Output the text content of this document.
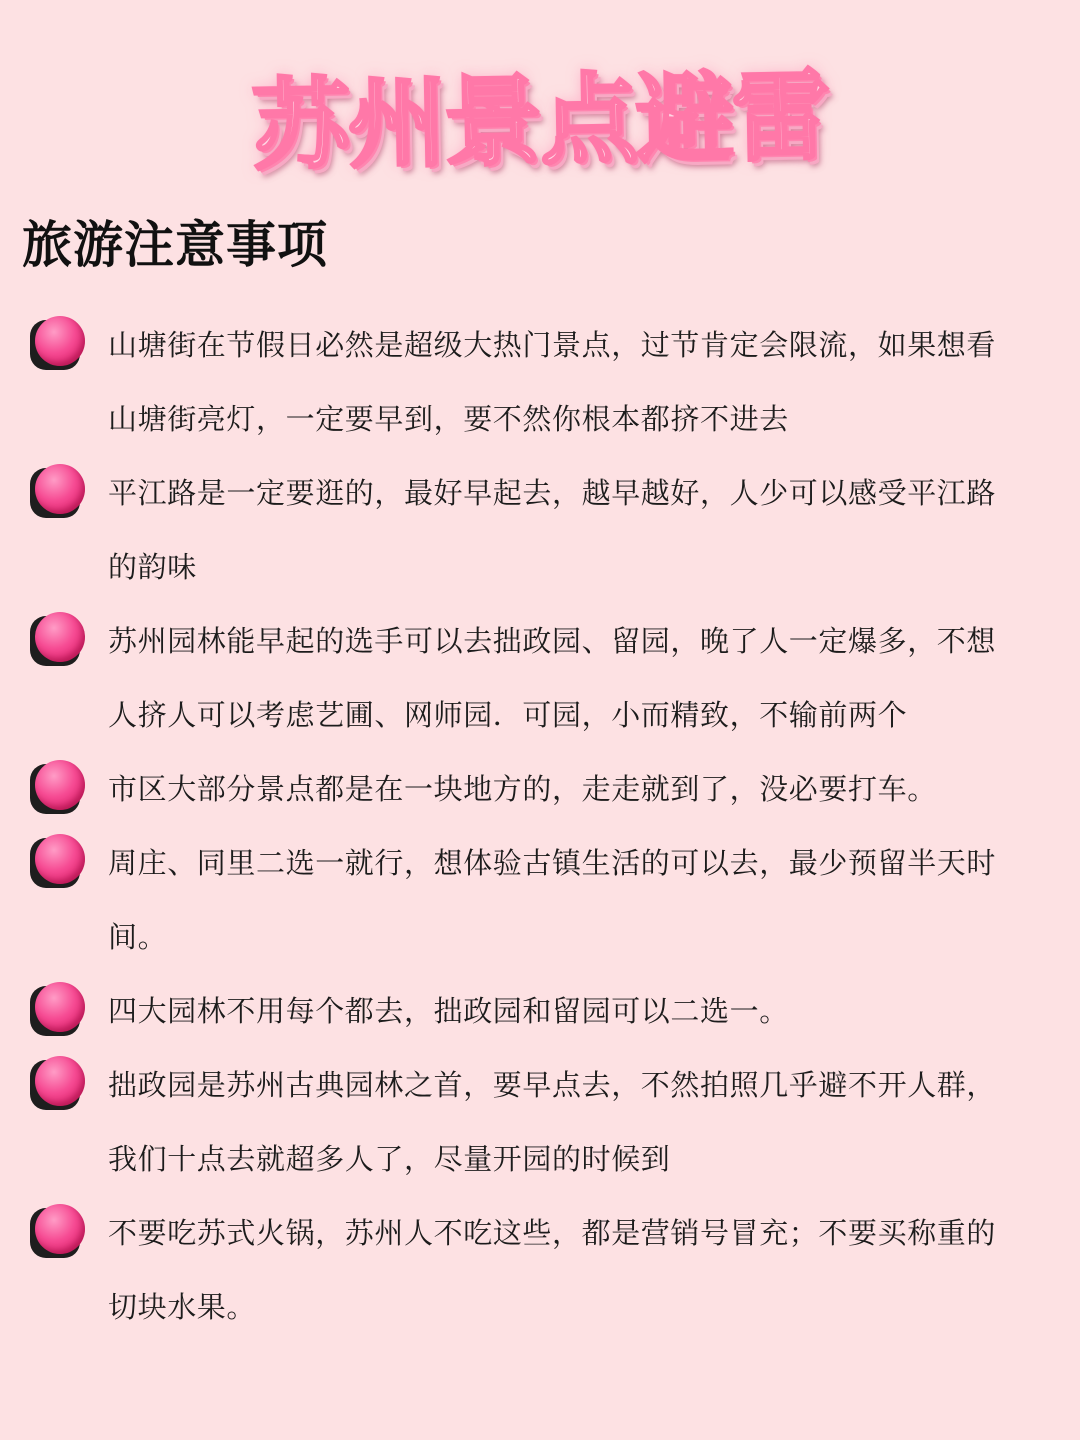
苏州景点避雷
旅游注意事项
山塘街在节假日必然是超级大热门景点，过节肯定会限流，如果想看山塘街亮灯，一定要早到，要不然你根本都挤不进去
平江路是一定要逛的，最好早起去，越早越好，人少可以感受平江路的韵味
苏州园林能早起的选手可以去拙政园、留园，晚了人一定爆多，不想人挤人可以考虑艺圃、网师园．可园，小而精致，不输前两个
市区大部分景点都是在一块地方的，走走就到了，没必要打车。
周庄、同里二选一就行，想体验古镇生活的可以去，最少预留半天时间。
四大园林不用每个都去，拙政园和留园可以二选一。
拙政园是苏州古典园林之首，要早点去，不然拍照几乎避不开人群，我们十点去就超多人了，尽量开园的时候到
不要吃苏式火锅，苏州人不吃这些，都是营销号冒充；不要买称重的切块水果。
